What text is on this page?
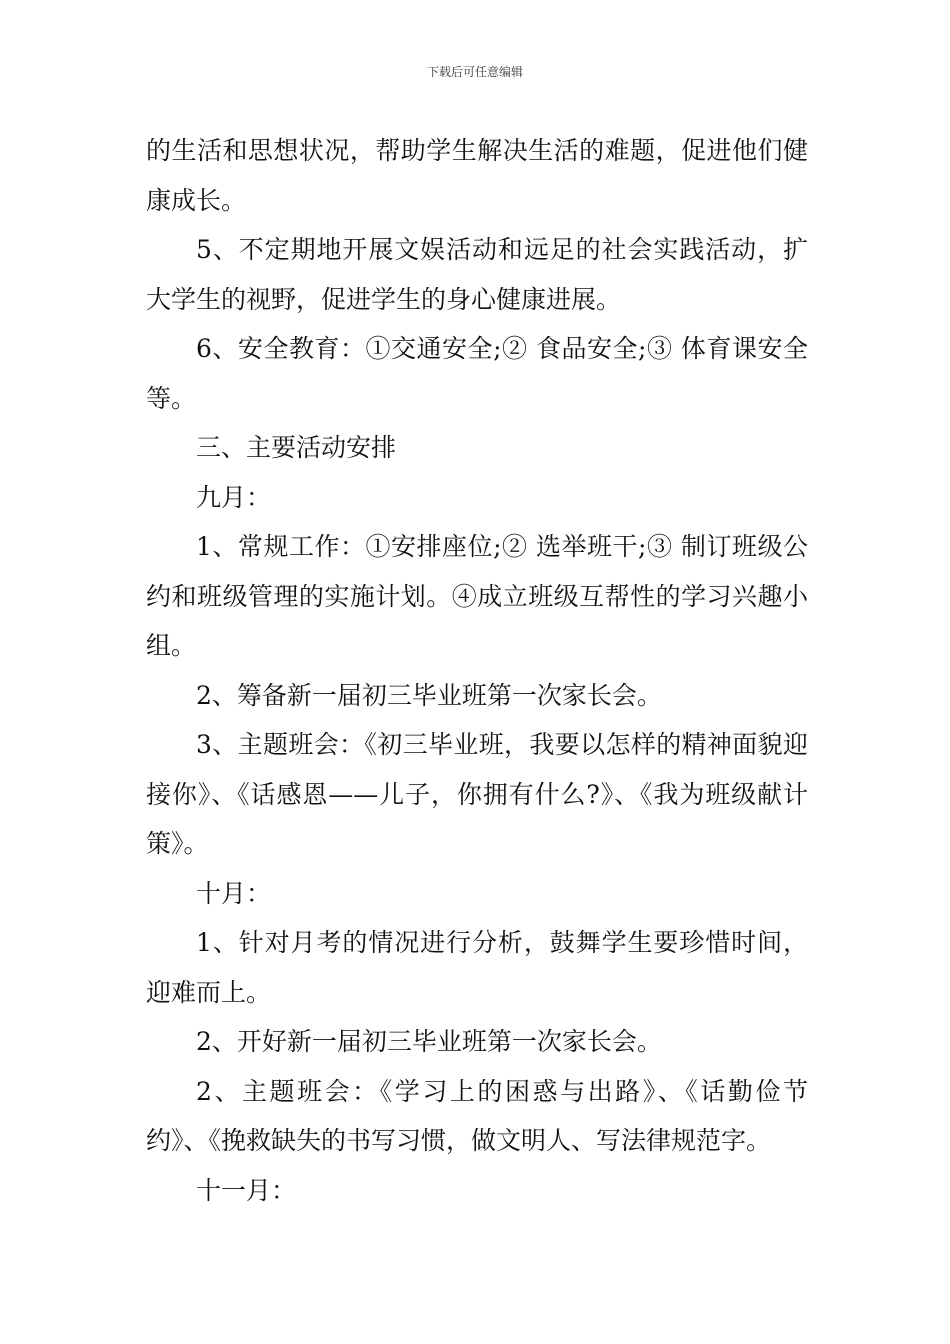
下载后可任意编辑

的生活和思想状况，帮助学生解决生活的难题，促进他们健康成长。

5、不定期地开展文娱活动和远足的社会实践活动，扩大学生的视野，促进学生的身心健康进展。

6、安全教育：①交通安全;② 食品安全;③ 体育课安全等。

三、主要活动安排

九月：

1、常规工作：①安排座位;② 选举班干;③ 制订班级公约和班级管理的实施计划。④成立班级互帮性的学习兴趣小组。

2、筹备新一届初三毕业班第一次家长会。

3、主题班会：《初三毕业班，我要以怎样的精神面貌迎接你》、《话感恩——儿子，你拥有什么?》、《我为班级献计策》。

十月：

1、针对月考的情况进行分析，鼓舞学生要珍惜时间，迎难而上。

2、开好新一届初三毕业班第一次家长会。

2、主题班会：《学习上的困惑与出路》、《话勤俭节约》、《挽救缺失的书写习惯，做文明人、写法律规范字。

十一月：
